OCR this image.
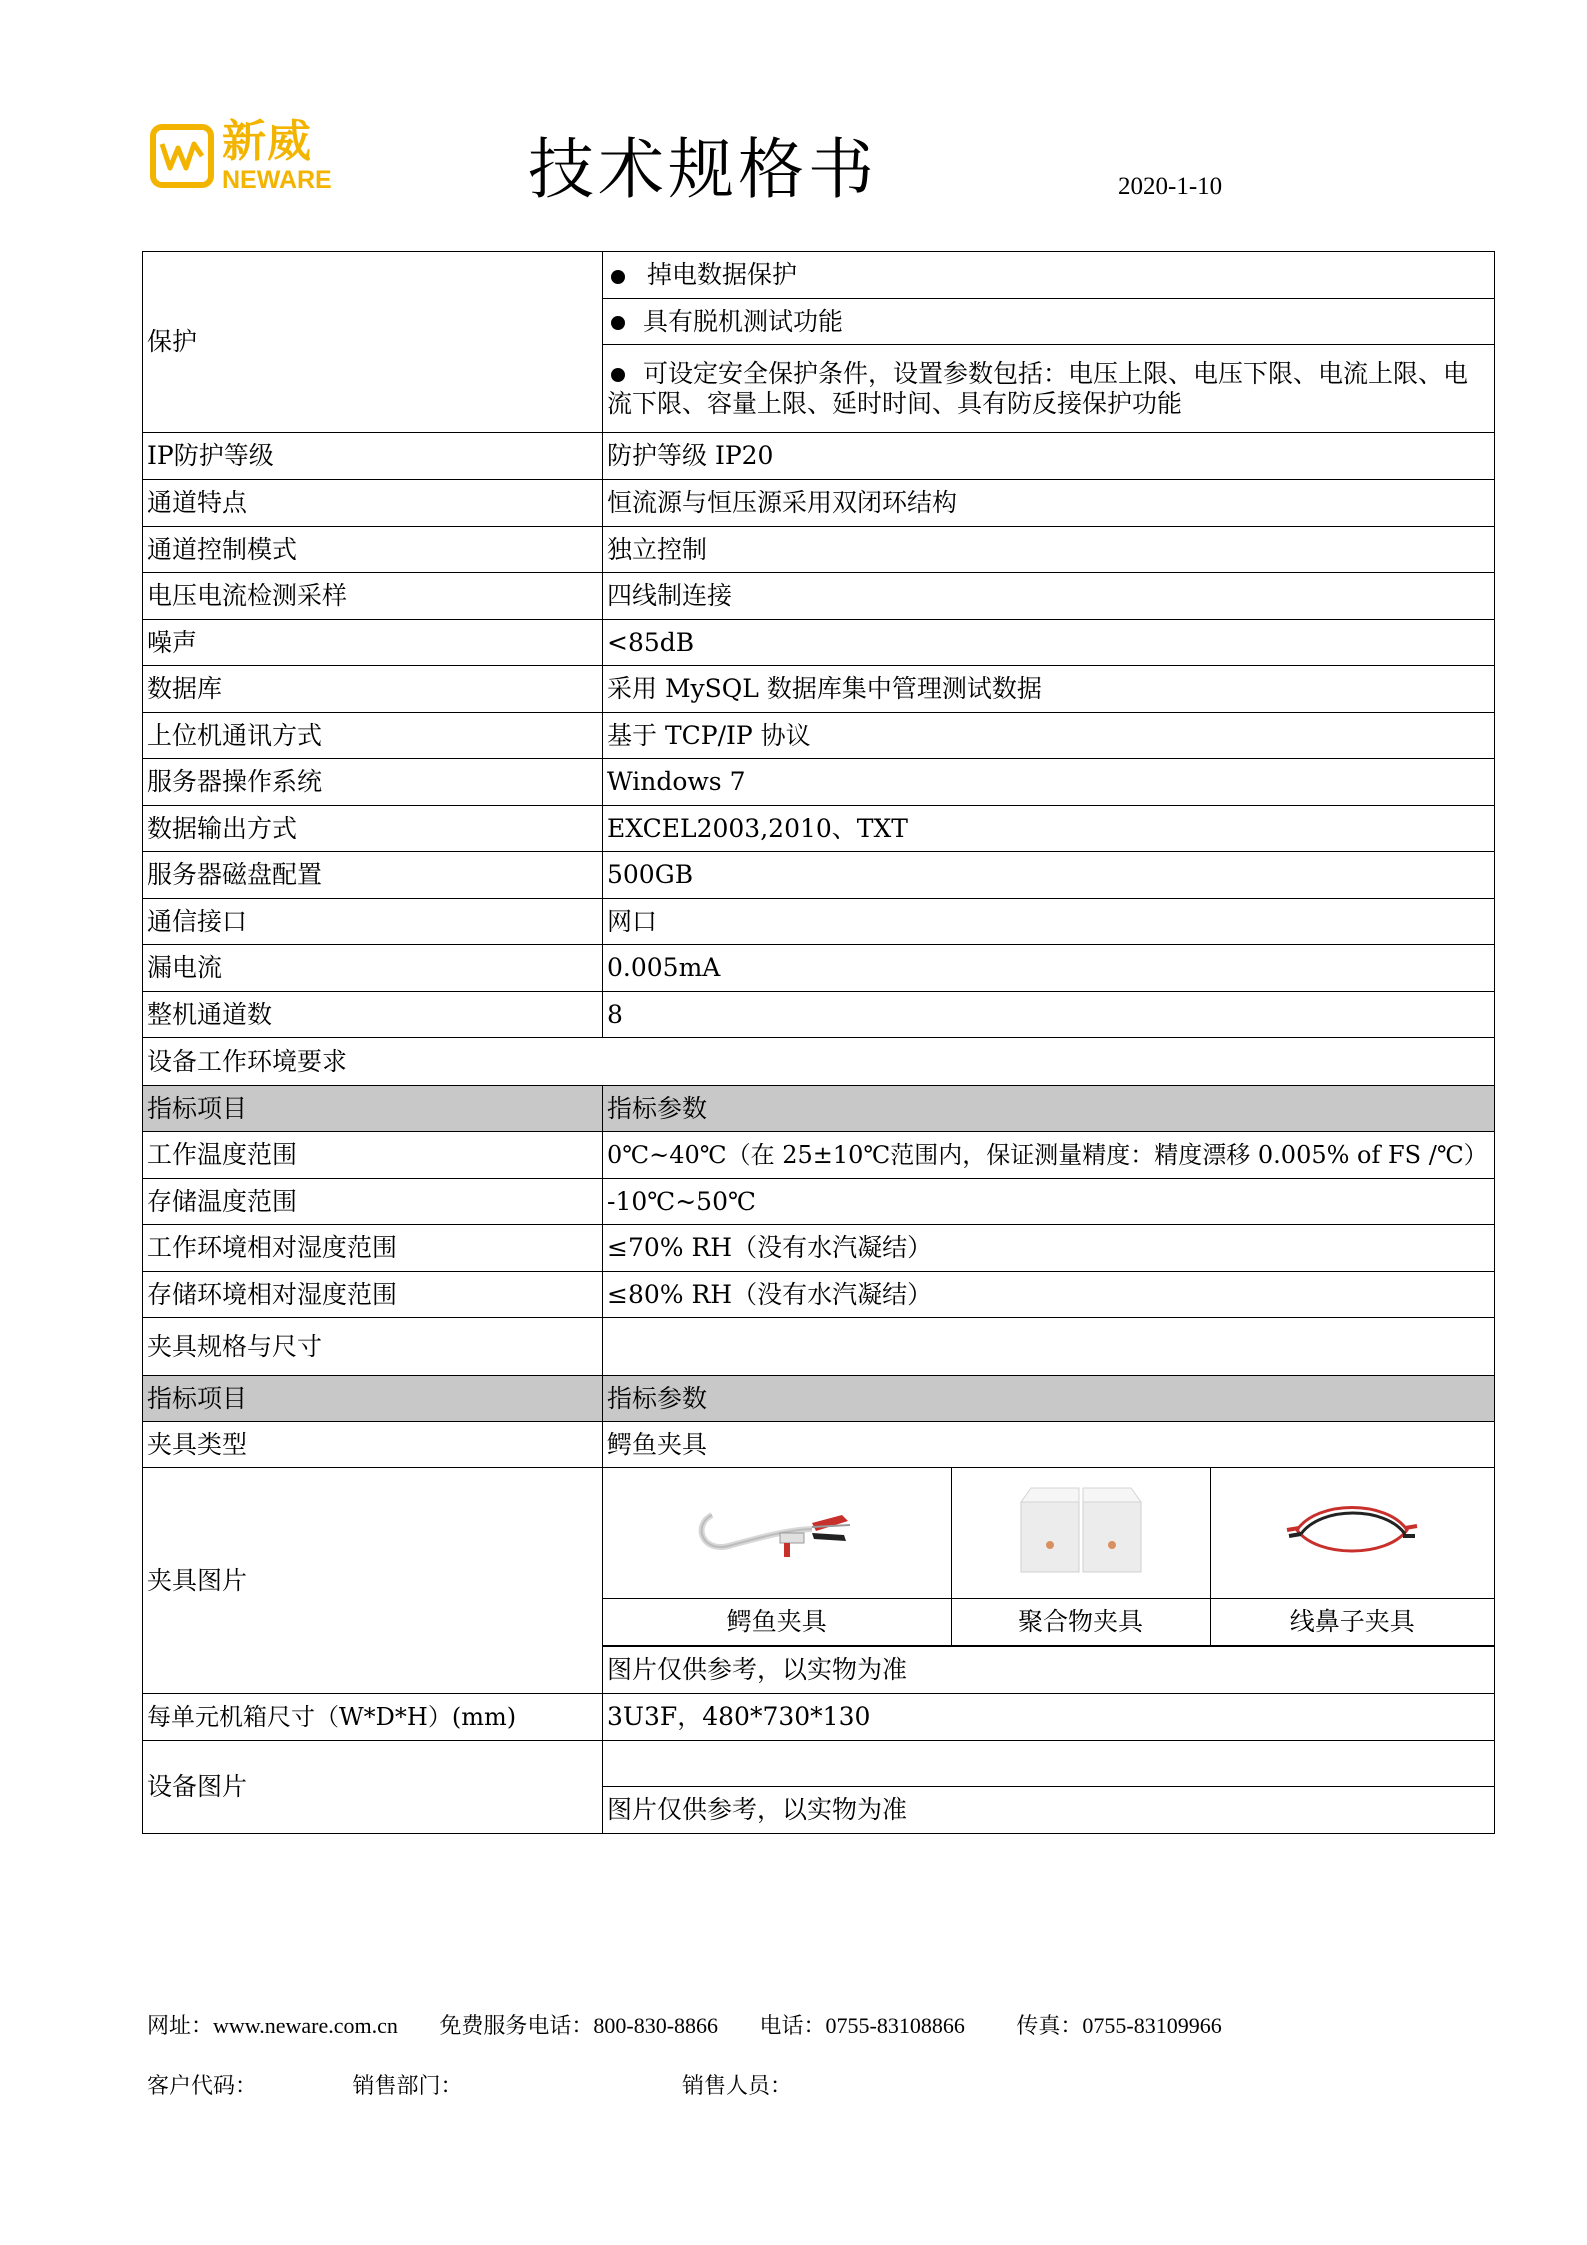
新威
NEWARE	技术规格书	2020-1-10
保护	掉电数据保护
具有脱机测试功能
可设定安全保护条件，设置参数包括：电压上限、电压下限、电流上限、电流下限、容量上限、延时时间、具有防反接保护功能
IP防护等级	防护等级 IP20
通道特点	恒流源与恒压源采用双闭环结构
通道控制模式	独立控制
电压电流检测采样	四线制连接
噪声	<85dB
数据库	采用 MySQL 数据库集中管理测试数据
上位机通讯方式	基于 TCP/IP 协议
服务器操作系统	Windows 7
数据输出方式	EXCEL2003,2010、TXT
服务器磁盘配置	500GB
通信接口	网口
漏电流	0.005mA
整机通道数	8
设备工作环境要求
指标项目	指标参数
工作温度范围	0℃~40℃（在 25±10℃范围内，保证测量精度：精度漂移 0.005% of FS /℃）
存储温度范围	-10℃~50℃
工作环境相对湿度范围	≤70% RH（没有水汽凝结）
存储环境相对湿度范围	≤80% RH（没有水汽凝结）
夹具规格与尺寸	
指标项目	指标参数
夹具类型	鳄鱼夹具
夹具图片	

鳄鱼夹具	聚合物夹具	线鼻子夹具

图片仅供参考，以实物为准
每单元机箱尺寸（W*D*H）(mm)	3U3F，480*730*130
设备图片	
图片仅供参考，以实物为准
网址：www.neware.com.cn 免费服务电话：800-830-8866 电话：0755-83108866 传真：0755-83109966
客户代码：	销售部门：	销售人员：
